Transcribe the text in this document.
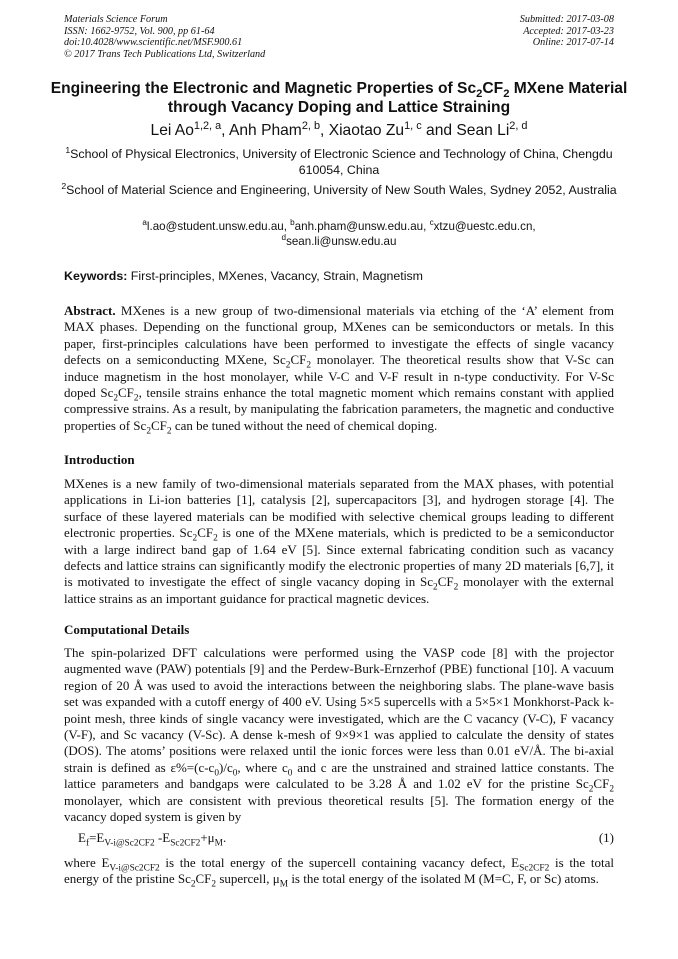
Materials Science Forum
ISSN: 1662-9752, Vol. 900, pp 61-64
doi:10.4028/www.scientific.net/MSF.900.61
© 2017 Trans Tech Publications Ltd, Switzerland
Submitted: 2017-03-08
Accepted: 2017-03-23
Online: 2017-07-14
Engineering the Electronic and Magnetic Properties of $Sc_2CF_2$ MXene Material through Vacancy Doping and Lattice Straining
Lei Ao$^{1,2, a}$, Anh Pham$^{2, b}$, Xiaotao Zu$^{1, c}$ and Sean Li$^{2, d}$
$^1$School of Physical Electronics, University of Electronic Science and Technology of China, Chengdu 610054, China
$^2$School of Material Science and Engineering, University of New South Wales, Sydney 2052, Australia
$^a$l.ao@student.unsw.edu.au, $^b$anh.pham@unsw.edu.au, $^c$xtzu@uestc.edu.cn,
$^d$sean.li@unsw.edu.au
Keywords: First-principles, MXenes, Vacancy, Strain, Magnetism
Abstract. MXenes is a new group of two-dimensional materials via etching of the ‘A’ element from MAX phases. Depending on the functional group, MXenes can be semiconductors or metals. In this paper, first-principles calculations have been performed to investigate the effects of single vacancy defects on a semiconducting MXene, $Sc_2CF_2$ monolayer. The theoretical results show that V-Sc can induce magnetism in the host monolayer, while V-C and V-F result in n-type conductivity. For V-Sc doped $Sc_2CF_2$, tensile strains enhance the total magnetic moment which remains constant with applied compressive strains. As a result, by manipulating the fabrication parameters, the magnetic and conductive properties of $Sc_2CF_2$ can be tuned without the need of chemical doping.
Introduction
MXenes is a new family of two-dimensional materials separated from the MAX phases, with potential applications in Li-ion batteries [1], catalysis [2], supercapacitors [3], and hydrogen storage [4]. The surface of these layered materials can be modified with selective chemical groups leading to different electronic properties. $Sc_2CF_2$ is one of the MXene materials, which is predicted to be a semiconductor with a large indirect band gap of 1.64 eV [5]. Since external fabricating condition such as vacancy defects and lattice strains can significantly modify the electronic properties of many 2D materials [6,7], it is motivated to investigate the effect of single vacancy doping in $Sc_2CF_2$ monolayer with the external lattice strains as an important guidance for practical magnetic devices.
Computational Details
The spin-polarized DFT calculations were performed using the VASP code [8] with the projector augmented wave (PAW) potentials [9] and the Perdew-Burk-Ernzerhof (PBE) functional [10]. A vacuum region of 20 Å was used to avoid the interactions between the neighboring slabs. The plane-wave basis set was expanded with a cutoff energy of 400 eV. Using 5×5 supercells with a 5×5×1 Monkhorst-Pack k-point mesh, three kinds of single vacancy were investigated, which are the C vacancy (V-C), F vacancy (V-F), and Sc vacancy (V-Sc). A dense k-mesh of 9×9×1 was applied to calculate the density of states (DOS). The atoms’ positions were relaxed until the ionic forces were less than 0.01 eV/Å. The bi-axial strain is defined as $\varepsilon\%=(c-c_0)/c_0$, where $c_0$ and c are the unstrained and strained lattice constants. The lattice parameters and bandgaps were calculated to be 3.28 Å and 1.02 eV for the pristine $Sc_2CF_2$ monolayer, which are consistent with previous theoretical results [5]. The formation energy of the vacancy doped system is given by
$E_f=E_{V-i@Sc2CF2}$ $-E_{Sc2CF2}+\mu_M$.	(1)
where $E_{V-i@Sc2CF2}$ is the total energy of the supercell containing vacancy defect, $E_{Sc2CF2}$ is the total energy of the pristine $Sc_2CF_2$ supercell, $\mu_M$ is the total energy of the isolated M (M=C, F, or Sc) atoms.
